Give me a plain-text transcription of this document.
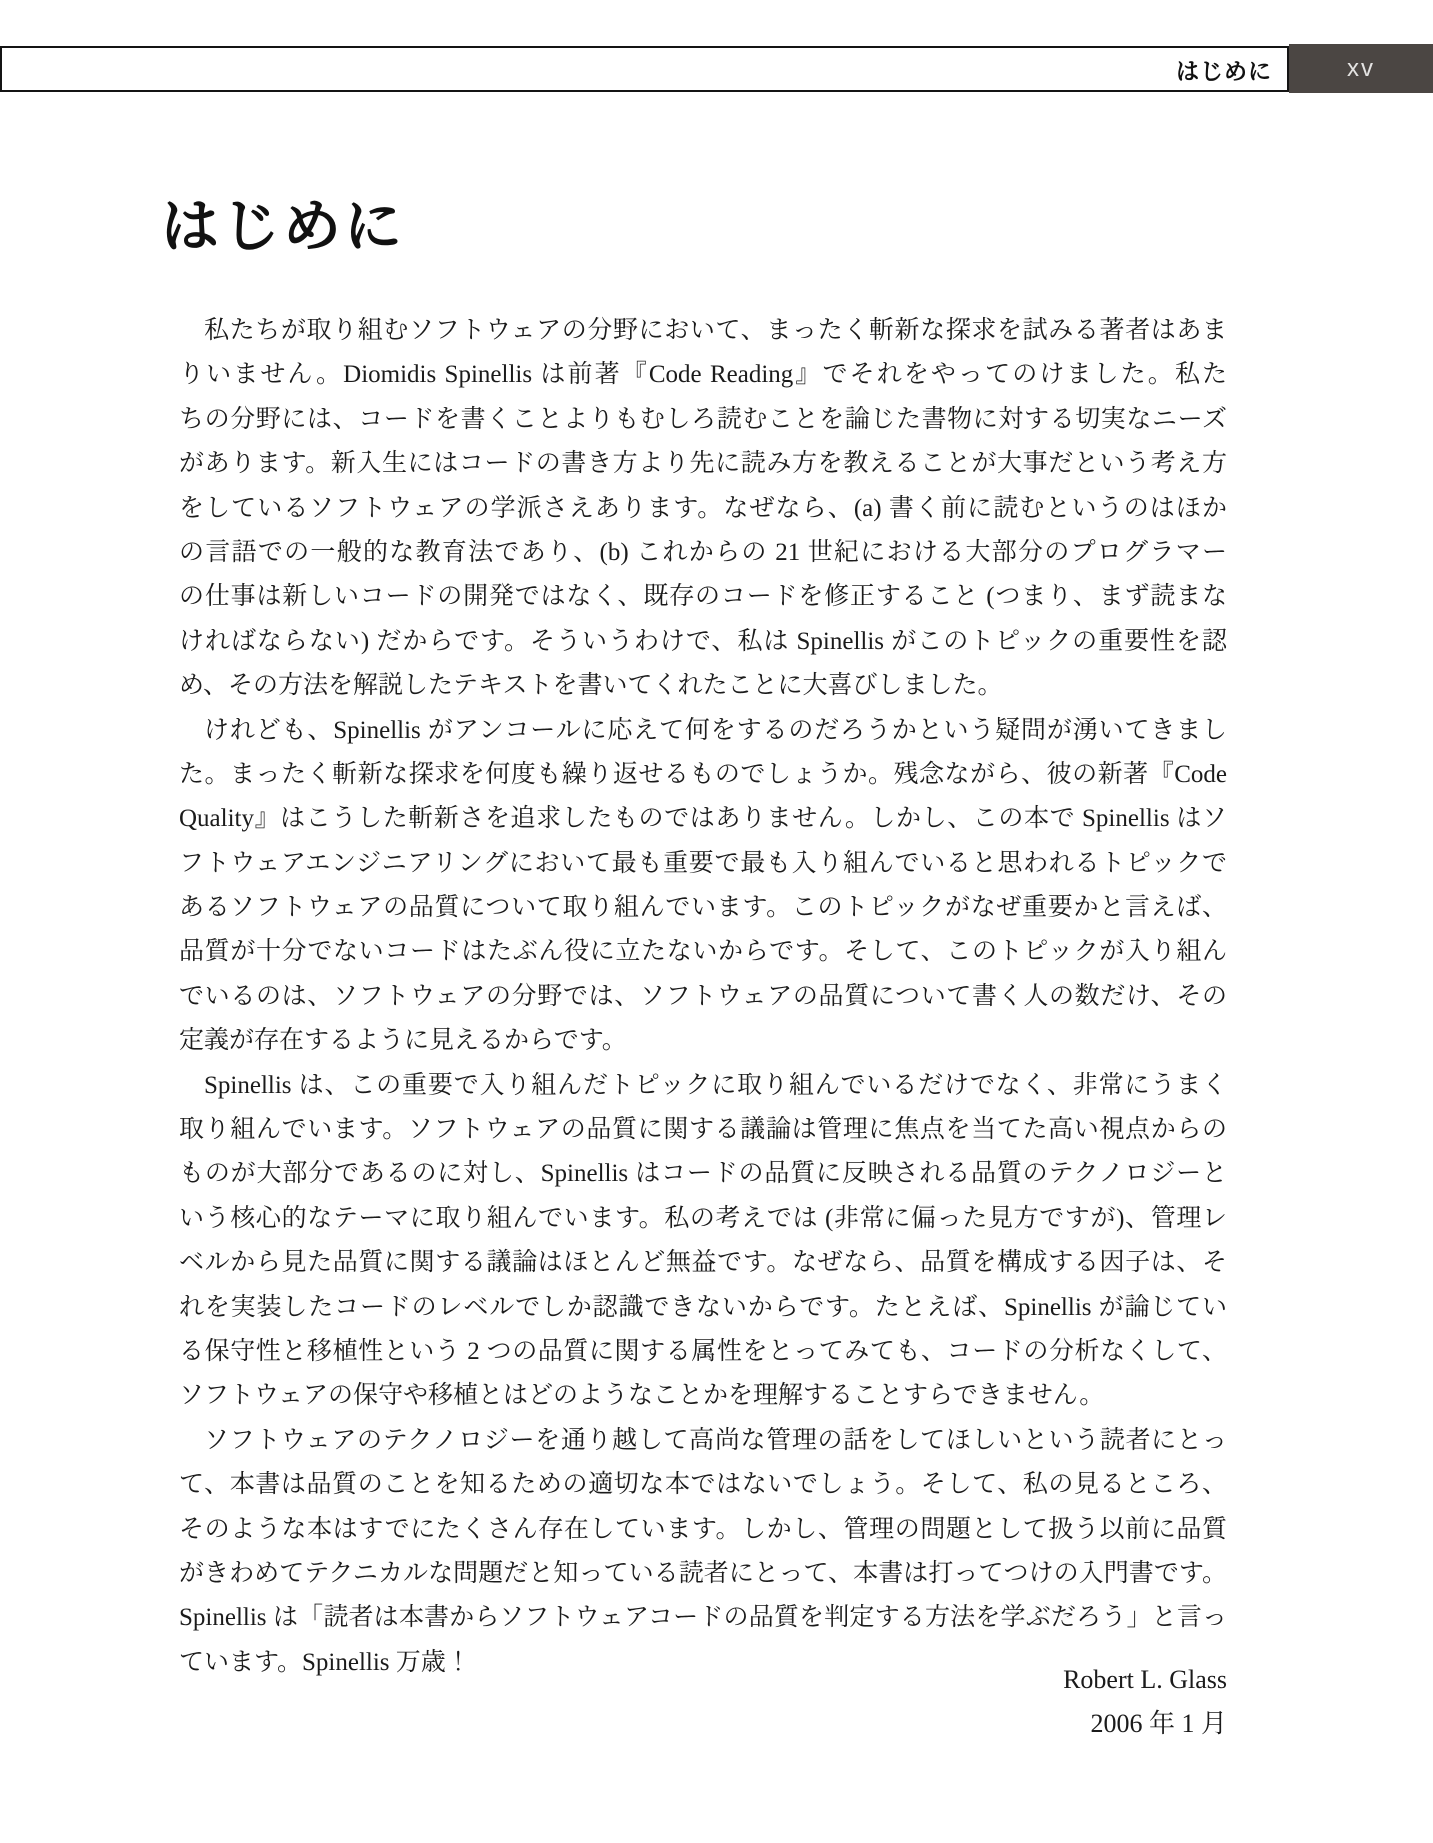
はじめに	xv
はじめに
私たちが取り組むソフトウェアの分野において、まったく斬新な探求を試みる著者はあま
りいません。Diomidis Spinellis は前著『Code Reading』でそれをやってのけました。私た
ちの分野には、コードを書くことよりもむしろ読むことを論じた書物に対する切実なニーズ
があります。新入生にはコードの書き方より先に読み方を教えることが大事だという考え方
をしているソフトウェアの学派さえあります。なぜなら、(a) 書く前に読むというのはほか
の言語での一般的な教育法であり、(b) これからの 21 世紀における大部分のプログラマー
の仕事は新しいコードの開発ではなく、既存のコードを修正すること (つまり、まず読まな
ければならない) だからです。そういうわけで、私は Spinellis がこのトピックの重要性を認
め、その方法を解説したテキストを書いてくれたことに大喜びしました。
けれども、Spinellis がアンコールに応えて何をするのだろうかという疑問が湧いてきまし
た。まったく斬新な探求を何度も繰り返せるものでしょうか。残念ながら、彼の新著『Code
Quality』はこうした斬新さを追求したものではありません。しかし、この本で Spinellis はソ
フトウェアエンジニアリングにおいて最も重要で最も入り組んでいると思われるトピックで
あるソフトウェアの品質について取り組んでいます。このトピックがなぜ重要かと言えば、
品質が十分でないコードはたぶん役に立たないからです。そして、このトピックが入り組ん
でいるのは、ソフトウェアの分野では、ソフトウェアの品質について書く人の数だけ、その
定義が存在するように見えるからです。
Spinellis は、この重要で入り組んだトピックに取り組んでいるだけでなく、非常にうまく
取り組んでいます。ソフトウェアの品質に関する議論は管理に焦点を当てた高い視点からの
ものが大部分であるのに対し、Spinellis はコードの品質に反映される品質のテクノロジーと
いう核心的なテーマに取り組んでいます。私の考えでは (非常に偏った見方ですが)、管理レ
ベルから見た品質に関する議論はほとんど無益です。なぜなら、品質を構成する因子は、そ
れを実装したコードのレベルでしか認識できないからです。たとえば、Spinellis が論じてい
る保守性と移植性という 2 つの品質に関する属性をとってみても、コードの分析なくして、
ソフトウェアの保守や移植とはどのようなことかを理解することすらできません。
ソフトウェアのテクノロジーを通り越して高尚な管理の話をしてほしいという読者にとっ
て、本書は品質のことを知るための適切な本ではないでしょう。そして、私の見るところ、
そのような本はすでにたくさん存在しています。しかし、管理の問題として扱う以前に品質
がきわめてテクニカルな問題だと知っている読者にとって、本書は打ってつけの入門書です。
Spinellis は「読者は本書からソフトウェアコードの品質を判定する方法を学ぶだろう」と言っ
ています。Spinellis 万歳！
Robert L. Glass
2006 年 1 月
